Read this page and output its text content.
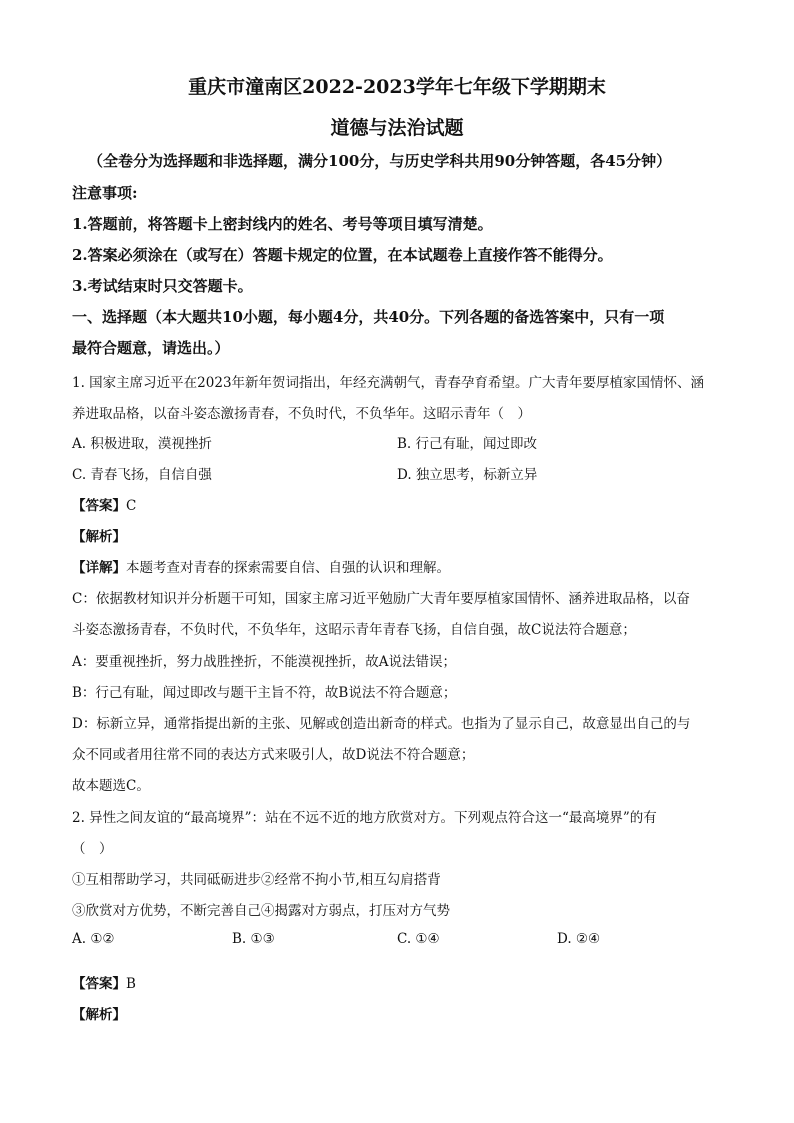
重庆市潼南区2022-2023学年七年级下学期期末
道德与法治试题
（全卷分为选择题和非选择题，满分100分，与历史学科共用90分钟答题，各45分钟）
注意事项:
1.答题前，将答题卡上密封线内的姓名、考号等项目填写清楚。
2.答案必须涂在（或写在）答题卡规定的位置，在本试题卷上直接作答不能得分。
3.考试结束时只交答题卡。
一、选择题（本大题共10小题，每小题4分，共40分。下列各题的备选答案中，只有一项
最符合题意，请选出。）
1. 国家主席习近平在2023年新年贺词指出，年经充满朝气，青春孕育希望。广大青年要厚植家国情怀、涵
养进取品格，以奋斗姿态激扬青春，不负时代，不负华年。这昭示青年（　）
A. 积极进取，漠视挫折	B. 行己有耻，闻过即改
C. 青春飞扬，自信自强	D. 独立思考，标新立异
【答案】C
【解析】
【详解】本题考查对青春的探索需要自信、自强的认识和理解。
C：依据教材知识并分析题干可知，国家主席习近平勉励广大青年要厚植家国情怀、涵养进取品格，以奋
斗姿态激扬青春，不负时代，不负华年，这昭示青年青春飞扬，自信自强，故C说法符合题意；
A：要重视挫折，努力战胜挫折，不能漠视挫折，故A说法错误；
B：行己有耻，闻过即改与题干主旨不符，故B说法不符合题意；
D：标新立异，通常指提出新的主张、见解或创造出新奇的样式。也指为了显示自己，故意显出自己的与
众不同或者用往常不同的表达方式来吸引人，故D说法不符合题意；
故本题选C。
2. 异性之间友谊的“最高境界”：站在不远不近的地方欣赏对方。下列观点符合这一“最高境界”的有
（　）
①互相帮助学习，共同砥砺进步②经常不拘小节,相互勾肩搭背
③欣赏对方优势，不断完善自己④揭露对方弱点，打压对方气势
A. ①②	B. ①③	C. ①④	D. ②④
【答案】B
【解析】
